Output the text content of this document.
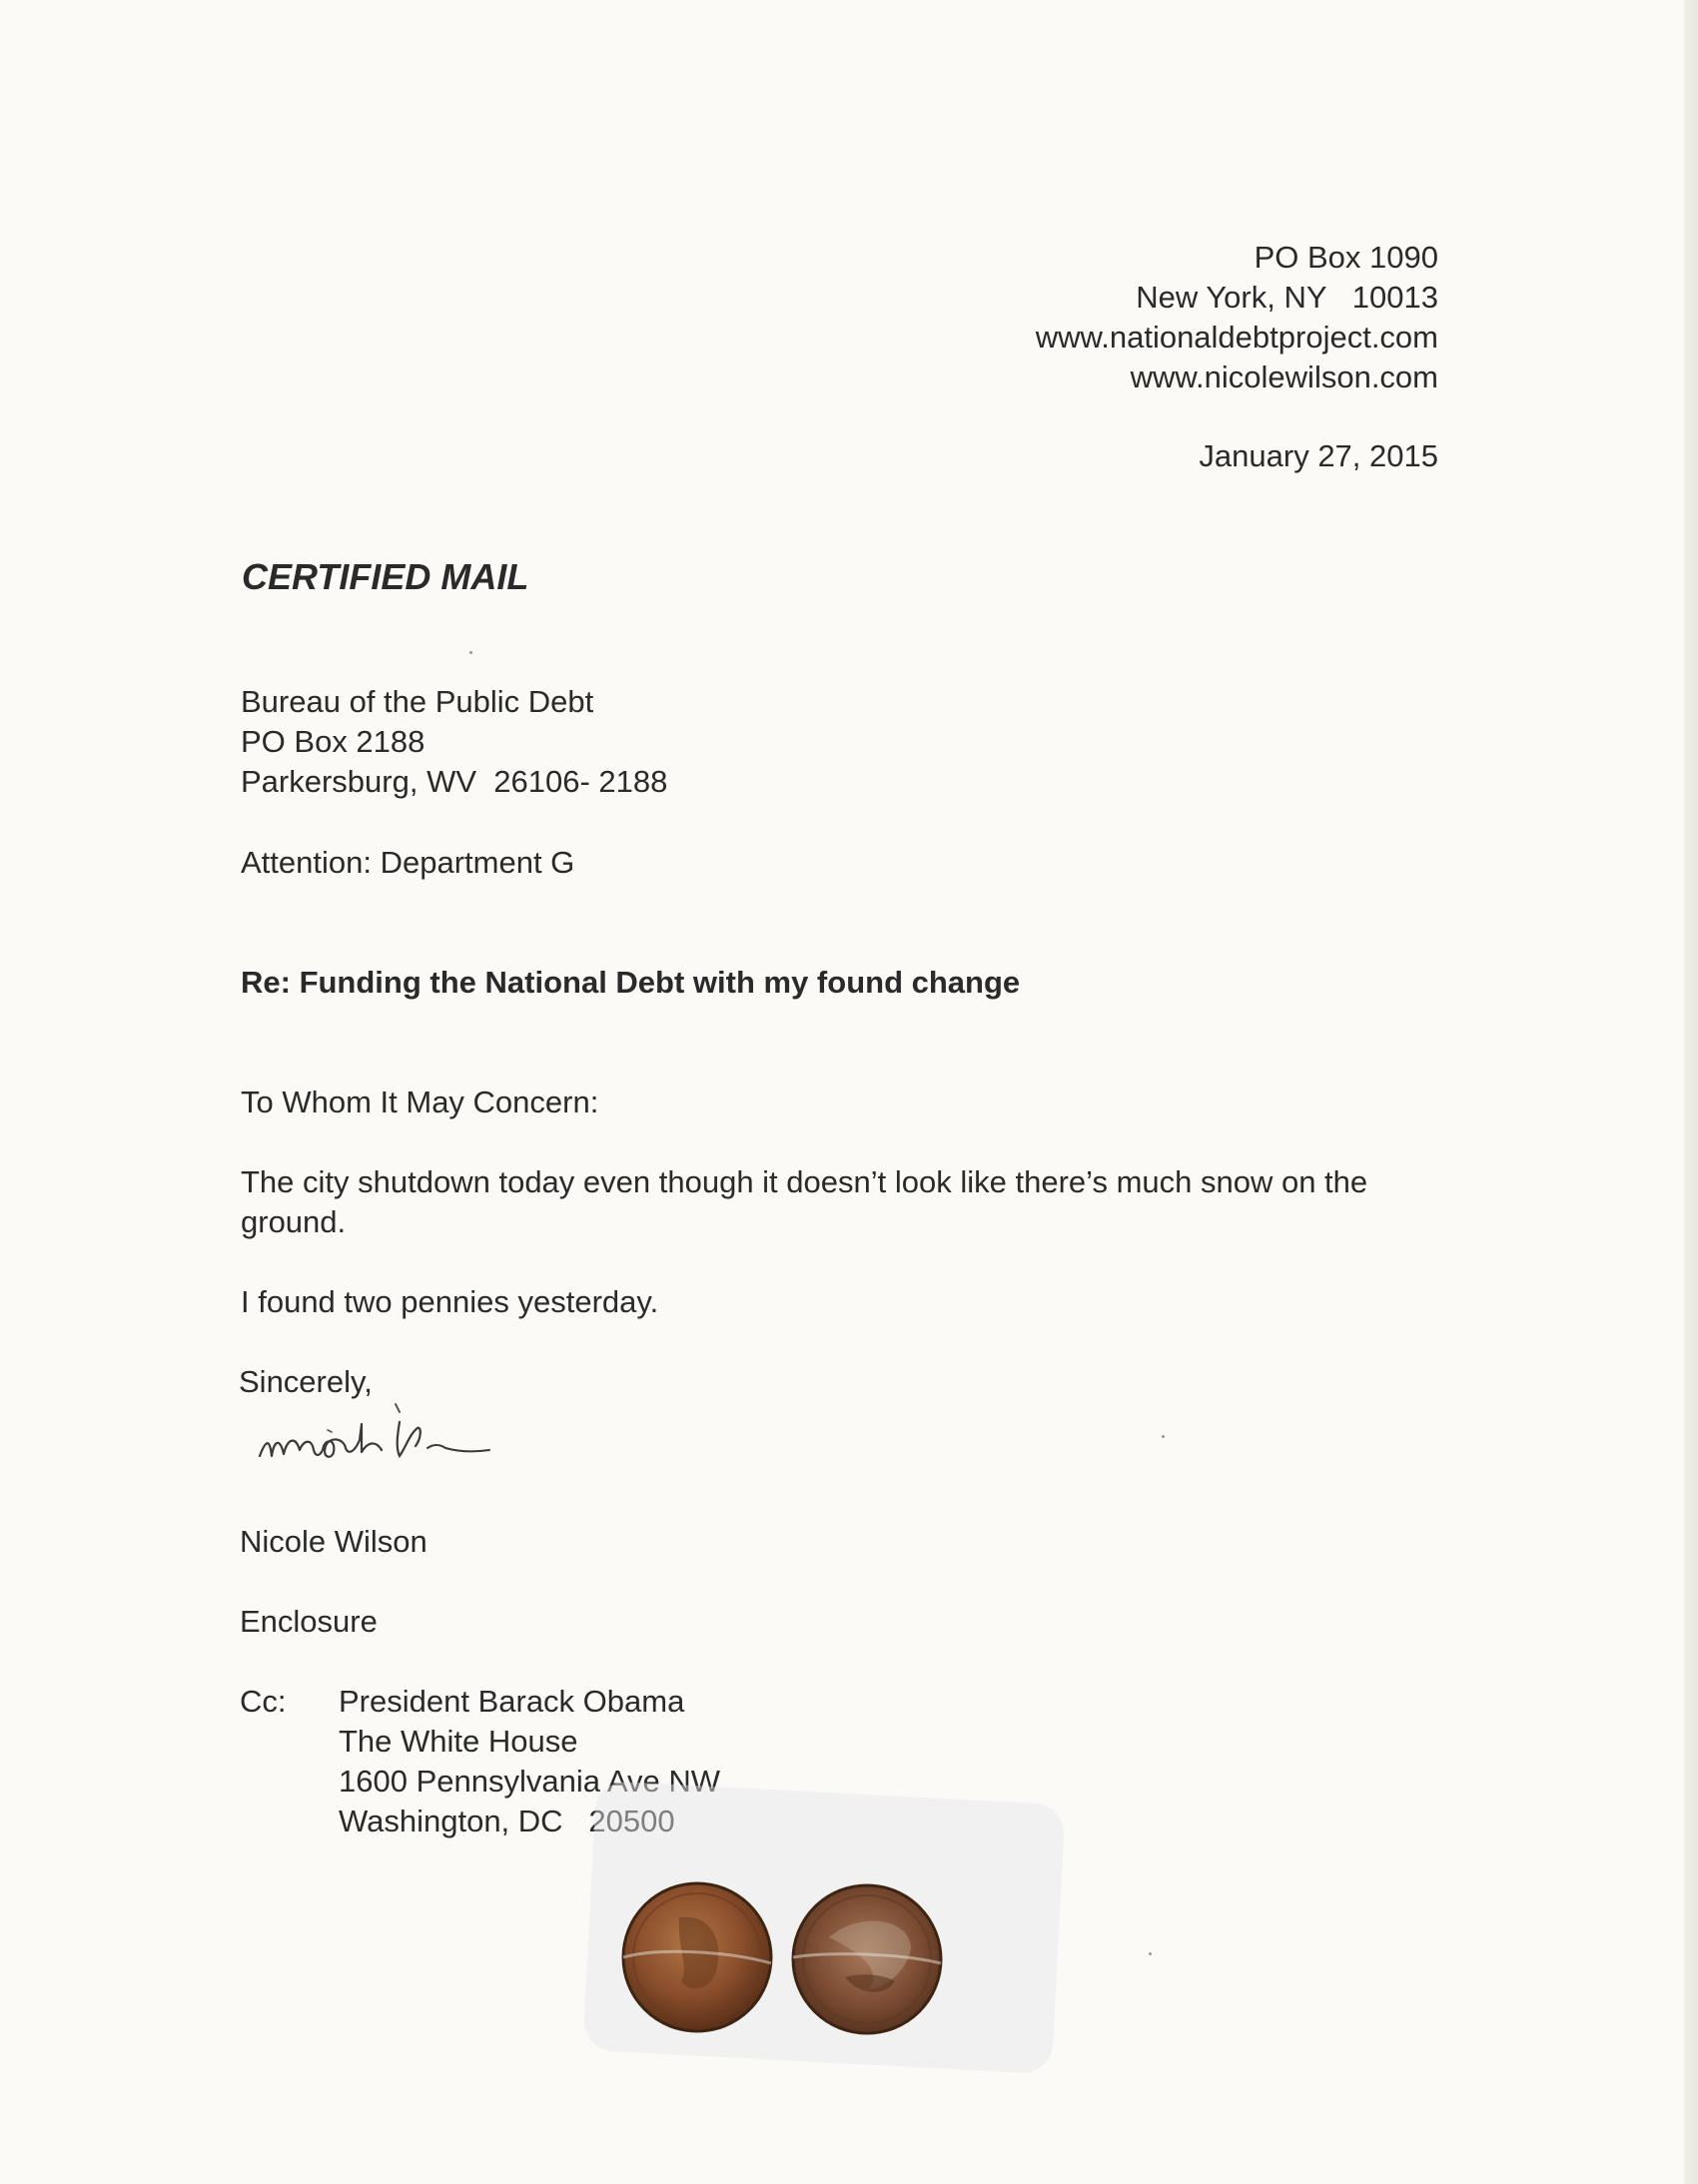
PO Box 1090
New York, NY   10013
www.nationaldebtproject.com
www.nicolewilson.com
January 27, 2015
CERTIFIED MAIL
Bureau of the Public Debt
PO Box 2188
Parkersburg, WV  26106- 2188
Attention: Department G
Re: Funding the National Debt with my found change
To Whom It May Concern:
The city shutdown today even though it doesn’t look like there’s much snow on the ground.
I found two pennies yesterday.
Sincerely,
Nicole Wilson
Enclosure
Cc: President Barack Obama
The White House
1600 Pennsylvania Ave NW
Washington, DC   20500
